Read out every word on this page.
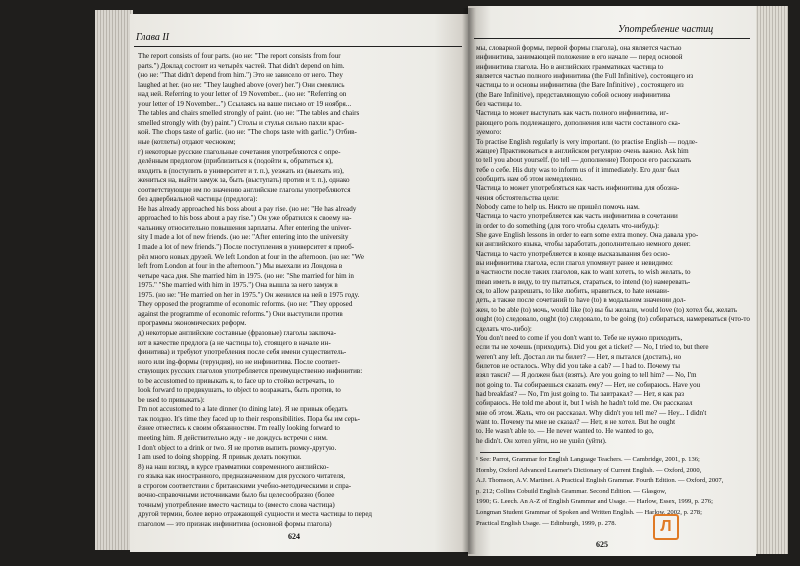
Глава II
The report consists of four parts. (но не: "The report consists from four
parts.") Доклад состоит из четырёх частей. That didn't depend on him.
(но не: "That didn't depend from him.") Это не зависело от него. They
laughed at her. (но не: "They laughed above (over) her.") Они смеялись
над ней. Referring to your letter of 19 November... (но не: "Referring on
your letter of 19 November...") Ссылаясь на ваше письмо от 19 ноября...
The tables and chairs smelled strongly of paint. (но не: "The tables and chairs
smelled strongly with (by) paint.") Столы и стулья сильно пахли крас-
кой. The chops taste of garlic. (но не: "The chops taste with garlic.") Отбив-
ные (котлеты) отдают чесноком;
г) некоторые русские глагольные сочетания употребляются с опре-
делённым предлогом (приблизиться к (подойти к, обратиться к),
входить в (поступить в университет и т. п.), уезжать из (выехать из),
жениться на, выйти замуж за, быть (выступать) против и т. п.), однако
соответствующие им по значению английские глаголы употребляются
без адвербиальной частицы (предлога):
He has already approached his boss about a pay rise. (но не: "He has already
approached to his boss about a pay rise.") Он уже обратился к своему на-
чальнику относительно повышения зарплаты. After entering the univer-
sity I made a lot of new friends. (но не: "After entering into the university
I made a lot of new friends.") После поступления в университет я приоб-
рёл много новых друзей. We left London at four in the afternoon. (но не: "We
left from London at four in the afternoon.") Мы выехали из Лондона в
четыре часа дня. She married him in 1975. (но не: "She married for him in
1975." "She married with him in 1975.") Она вышла за него замуж в
1975. (но не: "He married on her in 1975.") Он женился на ней в 1975 году.
They opposed the programme of economic reforms. (но не: "They opposed
against the programme of economic reforms.") Они выступили против
программы экономических реформ.
д) некоторые английские составные (фразовые) глаголы заключа-
ют в качестве предлога (а не частицы to), стоящего в начале ин-
финитива) и требуют употребления после себя имени существитель-
ного или ing-формы (герундия), но не инфинитива. После соответ-
ствующих русских глаголов употребляется преимущественно инфинитив:
to be accustomed to привыкать к, to face up to стойко встречать, to
look forward to предвкушать, to object to возражать, быть против, to
be used to привыкать):
I'm not accustomed to a late dinner (to dining late). Я не привык обедать
так поздно. It's time they faced up to their responsibilities. Пора бы им серь-
ёзнее отнестись к своим обязанностям. I'm really looking forward to
meeting him. Я действительно жду - не дождусь встречи с ним.
I don't object to a drink or two. Я не против выпить рюмку-другую.
I am used to doing shopping. Я привык делать покупки.
8) на наш взгляд, в курсе грамматики современного английско-
го языка как иностранного, предназначенном для русского читателя,
в строгом соответствии с британскими учебно-методическими и спра-
вочно-справочными источниками было бы целесообразно (более
точным) употребление вместо частицы to (вместо слова частица)
другой термин, более верно отражающей сущности и места частицы to перед
глаголом — это признак инфинитива (основной формы глагола)
624
Употребление частиц
мы, словарной формы, первой формы глагола), она является частью
инфинитива, занимающей положение в его начале — перед основой
инфинитива глагола. Но в английских грамматиках частица to
является частью полного инфинитива (the Full Infinitive), состоящего из
частицы to и основы инфинитива (the Bare Infinitive) , состоящего из
(the Bare Infinitive), представляющую собой основу инфинитива
без частицы to.
Частица to может выступать как часть полного инфинитива, иг-
рающего роль подлежащего, дополнения или части составного ска-
зуемого:
To practise English regularly is very important. (to practise English — подле-
жащее) Практиковаться в английском регулярно очень важно. Ask him
to tell you about yourself. (to tell — дополнение) Попроси его рассказать
тебе о себе. His duty was to inform us of it immediately. Его долг был
сообщить нам об этом немедленно.
Частица to может употребляться как часть инфинитива для обозна-
чения обстоятельства цели:
Nobody came to help us. Никто не пришёл помочь нам.
Частица to часто употребляется как часть инфинитива в сочетании
in order to do something (для того чтобы сделать что-нибудь):
She gave English lessons in order to earn some extra money. Она давала уро-
ки английского языка, чтобы заработать дополнительно немного денег.
Частица to часто употребляется в конце высказывания без осно-
вы инфинитива глагола, если глагол упомянут ранее и невидимо:
в частности после таких глаголов, как to want хотеть, to wish желать, to
mean иметь в виду, to try пытаться, стараться, to intend (to) намеревать-
ся, to allow разрешать, to like любить, нравиться, to hate ненави-
деть, а также после сочетаний to have (to) в модальном значении дол-
жен, to be able (to) мочь, would like (to) вы бы желали, would love (to) хотел бы, желать
ought (to) следовало, ought (to) следовало, to be going (to) собираться, намереваться (что-то
сделать что-либо):
You don't need to come if you don't want to. Тебе не нужно приходить,
если ты не хочешь (приходить). Did you get a ticket? — No, I tried to, but there
weren't any left. Достал ли ты билет? — Нет, я пытался (достать), но
билетов не осталось. Why did you take a cab? — I had to. Почему ты
взял такси? — Я должен был (взять). Are you going to tell him? — No, I'm
not going to. Ты собираешься сказать ему? — Нет, не собираюсь. Have you
had breakfast? — No, I'm just going to. Ты завтракал? — Нет, я как раз
собираюсь. He told me about it, but I wish he hadn't told me. Он рассказал
мне об этом. Жаль, что он рассказал. Why didn't you tell me? — Hey... I didn't
want to. Почему ты мне не сказал? — Нет, я не хотел. But he ought
to. He wasn't able to. — He never wanted to. He wanted to go,
he didn't. Он хотел уйти, но не ушёл (уйти).
¹ See: Parrot, Grammar for English Language Teachers. — Cambridge, 2001, p. 136;
Hornby, Oxford Advanced Learner's Dictionary of Current English. — Oxford, 2000,
A.J. Thomson, A.V. Martinet. A Practical English Grammar. Fourth Edition. — Oxford, 2007,
p. 212; Collins Cobuild English Grammar. Second Edition. — Glasgow,
1990; G. Leech. An A-Z of English Grammar and Usage. — Harlow, Essex, 1999, p. 276;
Longman Student Grammar of Spoken and Written English. — Harlow, 2002, p. 278;
Practical English Usage. — Edinburgh, 1999, p. 278.
625
Л
